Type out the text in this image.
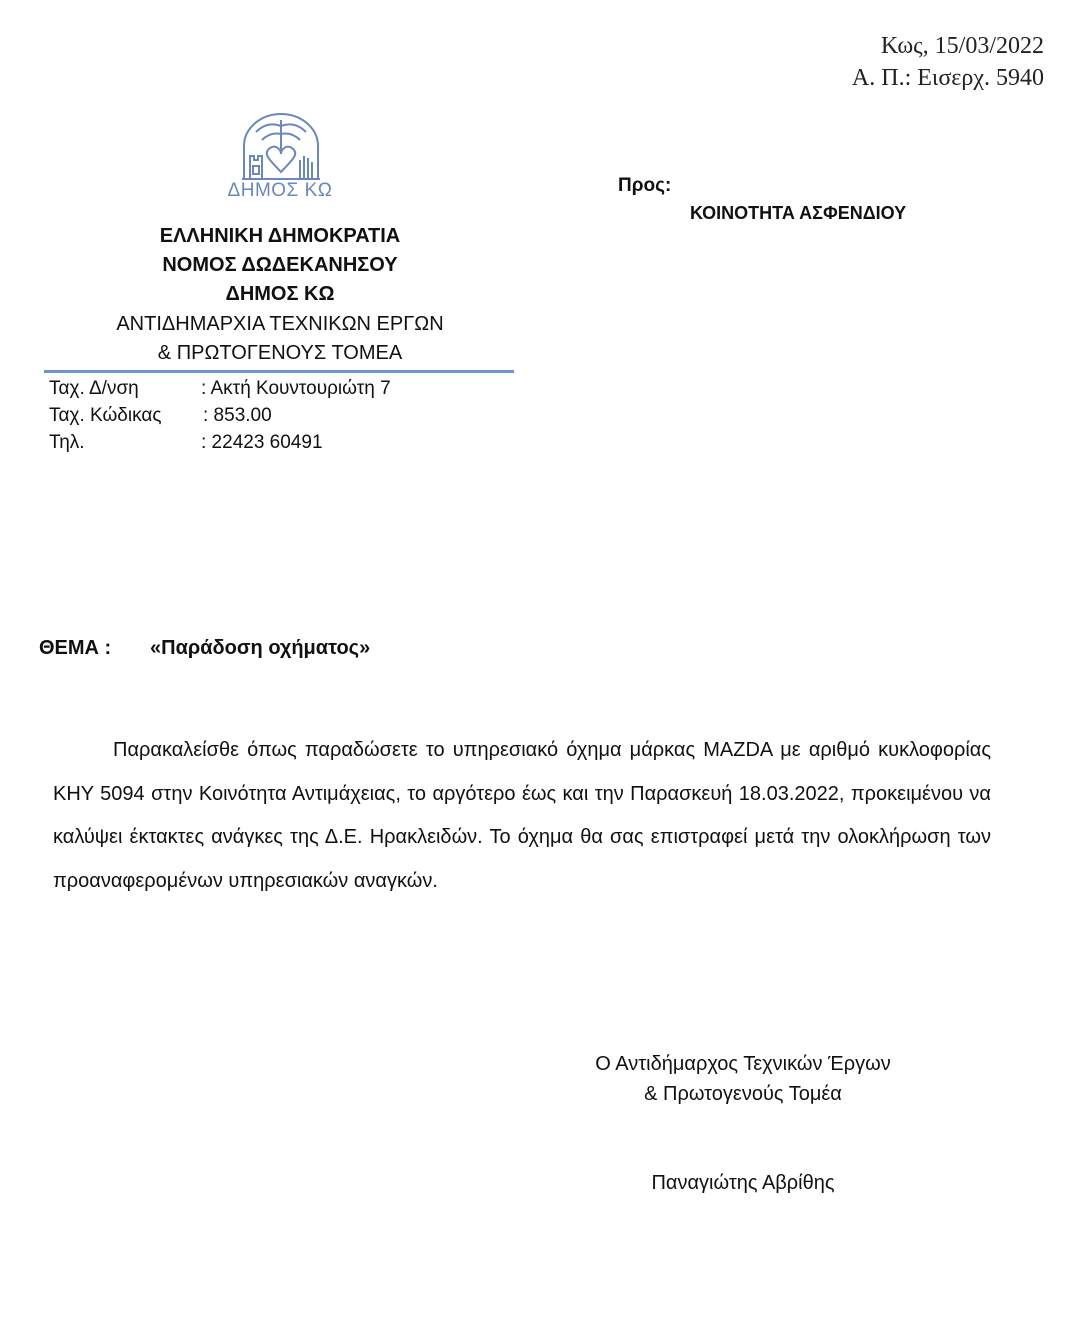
Κως, 15/03/2022
Α. Π.: Εισερχ. 5940
ΔΗΜΟΣ ΚΩ
ΕΛΛΗΝΙΚΗ ΔΗΜΟΚΡΑΤΙΑ
ΝΟΜΟΣ ΔΩΔΕΚΑΝΗΣΟΥ
ΔΗΜΟΣ ΚΩ
ΑΝΤΙΔΗΜΑΡΧΙΑ ΤΕΧΝΙΚΩΝ ΕΡΓΩΝ
& ΠΡΩΤΟΓΕΝΟΥΣ ΤΟΜΕΑ
Ταχ. Δ/νση	: Ακτή Κουντουριώτη 7
Ταχ. Κώδικας : 853.00
Τηλ.	: 22423 60491
Προς:
ΚΟΙΝΟΤΗΤΑ ΑΣΦΕΝΔΙΟΥ
ΘΕΜΑ : «Παράδοση οχήματος»
Παρακαλείσθε όπως παραδώσετε το υπηρεσιακό όχημα μάρκας MAZDA με αριθμό κυκλοφορίας ΚΗΥ 5094 στην Κοινότητα Αντιμάχειας, το αργότερο έως και την Παρασκευή 18.03.2022, προκειμένου να καλύψει έκτακτες ανάγκες της Δ.Ε. Ηρακλειδών. Το όχημα θα σας επιστραφεί μετά την ολοκλήρωση των προαναφερομένων υπηρεσιακών αναγκών.
Ο Αντιδήμαρχος Τεχνικών Έργων
& Πρωτογενούς Τομέα
Παναγιώτης Αβρίθης
